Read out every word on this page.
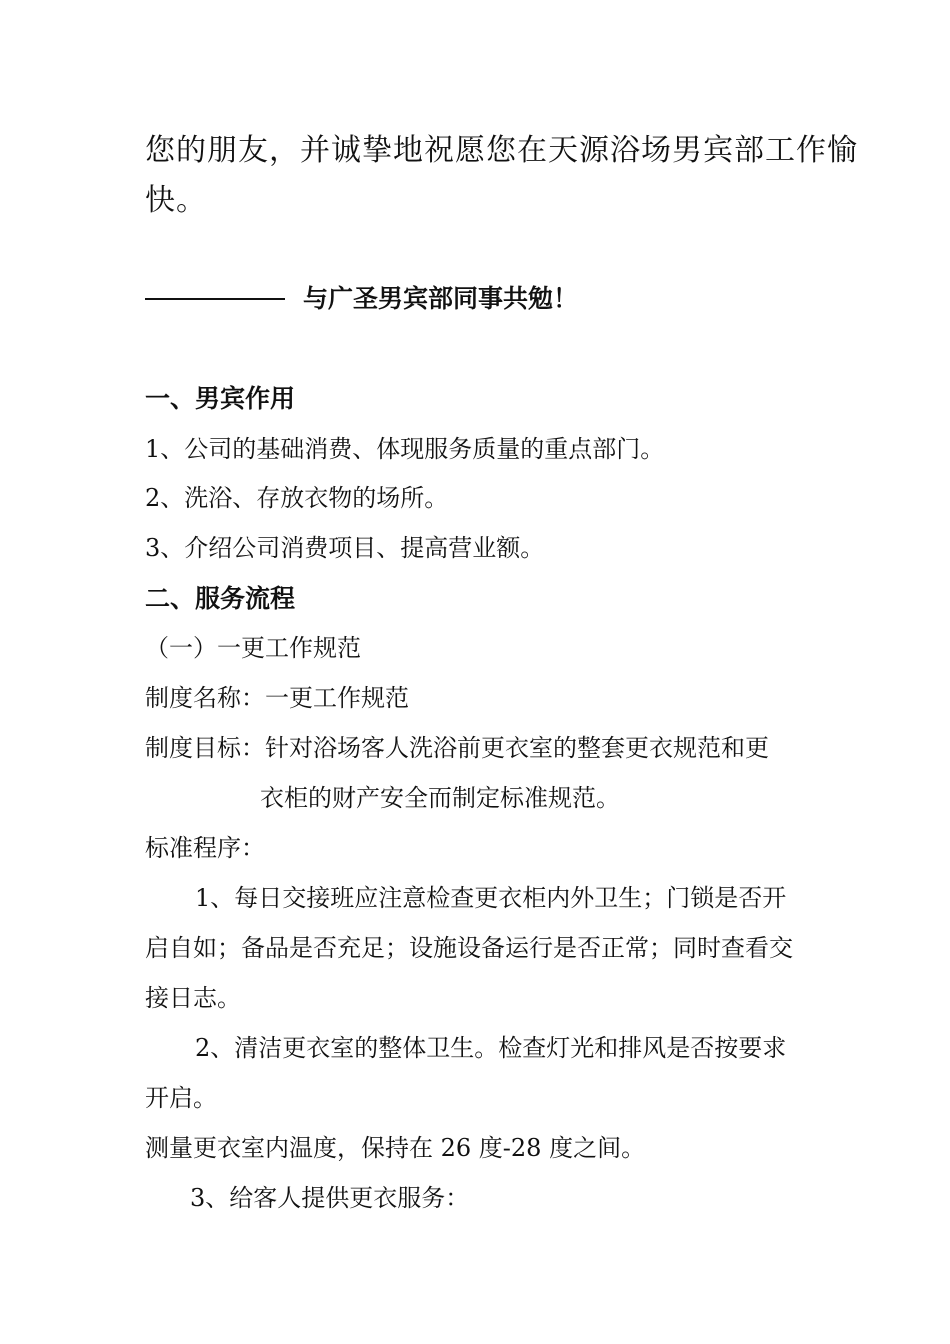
您的朋友，并诚挚地祝愿您在天源浴场男宾部工作愉
快。
与广圣男宾部同事共勉！
一、男宾作用
1、公司的基础消费、体现服务质量的重点部门。
2、洗浴、存放衣物的场所。
3、介绍公司消费项目、提高营业额。
二、服务流程
（一）一更工作规范
制度名称：一更工作规范
制度目标：针对浴场客人洗浴前更衣室的整套更衣规范和更
衣柜的财产安全而制定标准规范。
标准程序：
1、每日交接班应注意检查更衣柜内外卫生；门锁是否开
启自如；备品是否充足；设施设备运行是否正常；同时查看交
接日志。
2、清洁更衣室的整体卫生。检查灯光和排风是否按要求
开启。
测量更衣室内温度，保持在 26 度-28 度之间。
3、给客人提供更衣服务：
